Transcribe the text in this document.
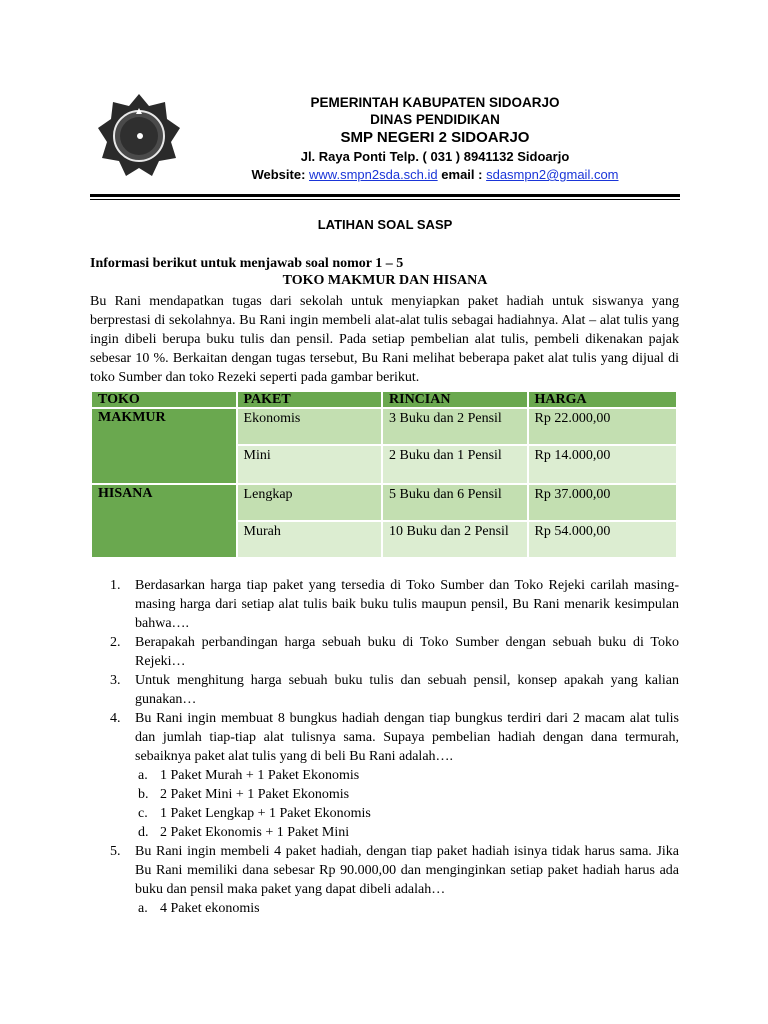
PEMERINTAH KABUPATEN SIDOARJO
DINAS PENDIDIKAN
SMP NEGERI 2 SIDOARJO
Jl. Raya Ponti Telp. ( 031 ) 8941132 Sidoarjo
Website: www.smpn2sda.sch.id email : sdasmpn2@gmail.com
LATIHAN SOAL SASP
Informasi berikut untuk menjawab soal nomor 1 – 5
TOKO MAKMUR DAN HISANA
Bu Rani mendapatkan tugas dari sekolah untuk menyiapkan paket hadiah untuk siswanya yang berprestasi di sekolahnya. Bu Rani ingin membeli alat-alat tulis sebagai hadiahnya. Alat – alat tulis yang ingin dibeli berupa buku tulis dan pensil. Pada setiap pembelian alat tulis, pembeli dikenakan pajak sebesar 10 %. Berkaitan dengan tugas tersebut, Bu Rani melihat beberapa paket alat tulis yang dijual di toko Sumber dan toko Rezeki seperti pada gambar berikut.
TOKO	PAKET	RINCIAN	HARGA
MAKMUR	Ekonomis	3 Buku dan 2 Pensil	Rp 22.000,00
	Mini	2 Buku dan 1 Pensil	Rp 14.000,00
HISANA	Lengkap	5 Buku dan 6 Pensil	Rp 37.000,00
	Murah	10 Buku dan 2 Pensil	Rp 54.000,00
1. Berdasarkan harga tiap paket yang tersedia di Toko Sumber dan Toko Rejeki carilah masing-masing harga dari setiap alat tulis baik buku tulis maupun pensil, Bu Rani menarik kesimpulan bahwa….
2. Berapakah perbandingan harga sebuah buku di Toko Sumber dengan sebuah buku di Toko Rejeki…
3. Untuk menghitung harga sebuah buku tulis dan sebuah pensil, konsep apakah yang kalian gunakan…
4. Bu Rani ingin membuat 8 bungkus hadiah dengan tiap bungkus terdiri dari 2 macam alat tulis dan jumlah tiap-tiap alat tulisnya sama. Supaya pembelian hadiah dengan dana termurah, sebaiknya paket alat tulis yang di beli Bu Rani adalah….
a. 1 Paket Murah + 1 Paket Ekonomis
b. 2 Paket Mini + 1 Paket Ekonomis
c. 1 Paket Lengkap + 1 Paket Ekonomis
d. 2 Paket Ekonomis + 1 Paket Mini
5. Bu Rani ingin membeli 4 paket hadiah, dengan tiap paket hadiah isinya tidak harus sama. Jika Bu Rani memiliki dana sebesar Rp 90.000,00 dan menginginkan setiap paket hadiah harus ada buku dan pensil maka paket yang dapat dibeli adalah…
a. 4 Paket ekonomis
